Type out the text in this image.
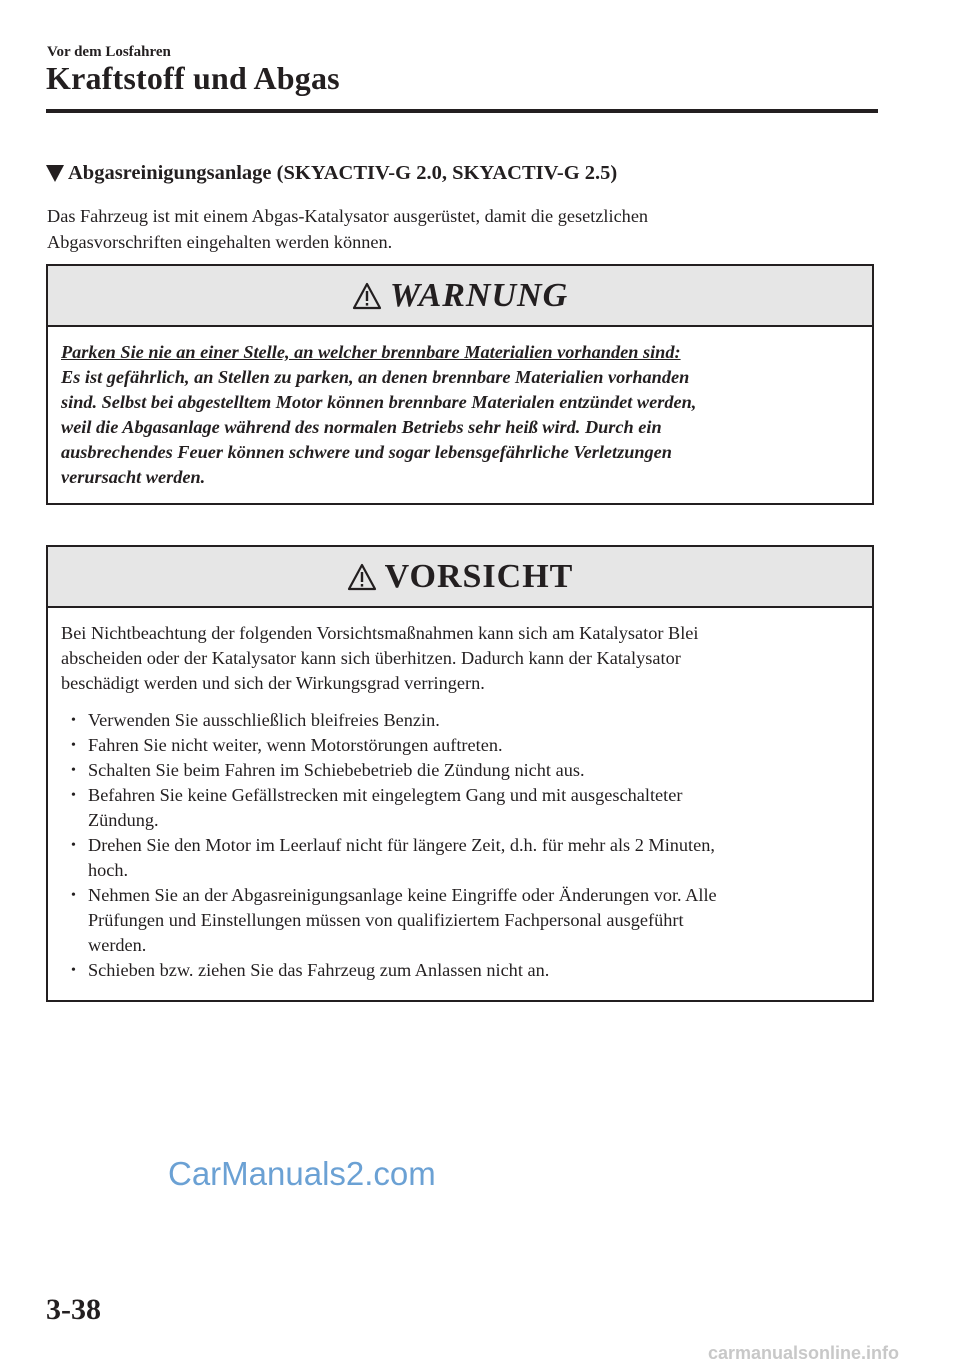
Vor dem Losfahren
Kraftstoff und Abgas
Abgasreinigungsanlage (SKYACTIV-G 2.0, SKYACTIV-G 2.5)
Das Fahrzeug ist mit einem Abgas-Katalysator ausgerüstet, damit die gesetzlichen
Abgasvorschriften eingehalten werden können.
WARNUNG
Parken Sie nie an einer Stelle, an welcher brennbare Materialien vorhanden sind:
Es ist gefährlich, an Stellen zu parken, an denen brennbare Materialien vorhanden
sind. Selbst bei abgestelltem Motor können brennbare Materialen entzündet werden,
weil die Abgasanlage während des normalen Betriebs sehr heiß wird. Durch ein
ausbrechendes Feuer können schwere und sogar lebensgefährliche Verletzungen
verursacht werden.
VORSICHT
Bei Nichtbeachtung der folgenden Vorsichtsmaßnahmen kann sich am Katalysator Blei
abscheiden oder der Katalysator kann sich überhitzen. Dadurch kann der Katalysator
beschädigt werden und sich der Wirkungsgrad verringern.
• Verwenden Sie ausschließlich bleifreies Benzin.
• Fahren Sie nicht weiter, wenn Motorstörungen auftreten.
• Schalten Sie beim Fahren im Schiebebetrieb die Zündung nicht aus.
• Befahren Sie keine Gefällstrecken mit eingelegtem Gang und mit ausgeschalteter
Zündung.
• Drehen Sie den Motor im Leerlauf nicht für längere Zeit, d.h. für mehr als 2 Minuten,
hoch.
• Nehmen Sie an der Abgasreinigungsanlage keine Eingriffe oder Änderungen vor. Alle
Prüfungen und Einstellungen müssen von qualifiziertem Fachpersonal ausgeführt
werden.
• Schieben bzw. ziehen Sie das Fahrzeug zum Anlassen nicht an.
CarManuals2.com
3-38
carmanualsonline.info
